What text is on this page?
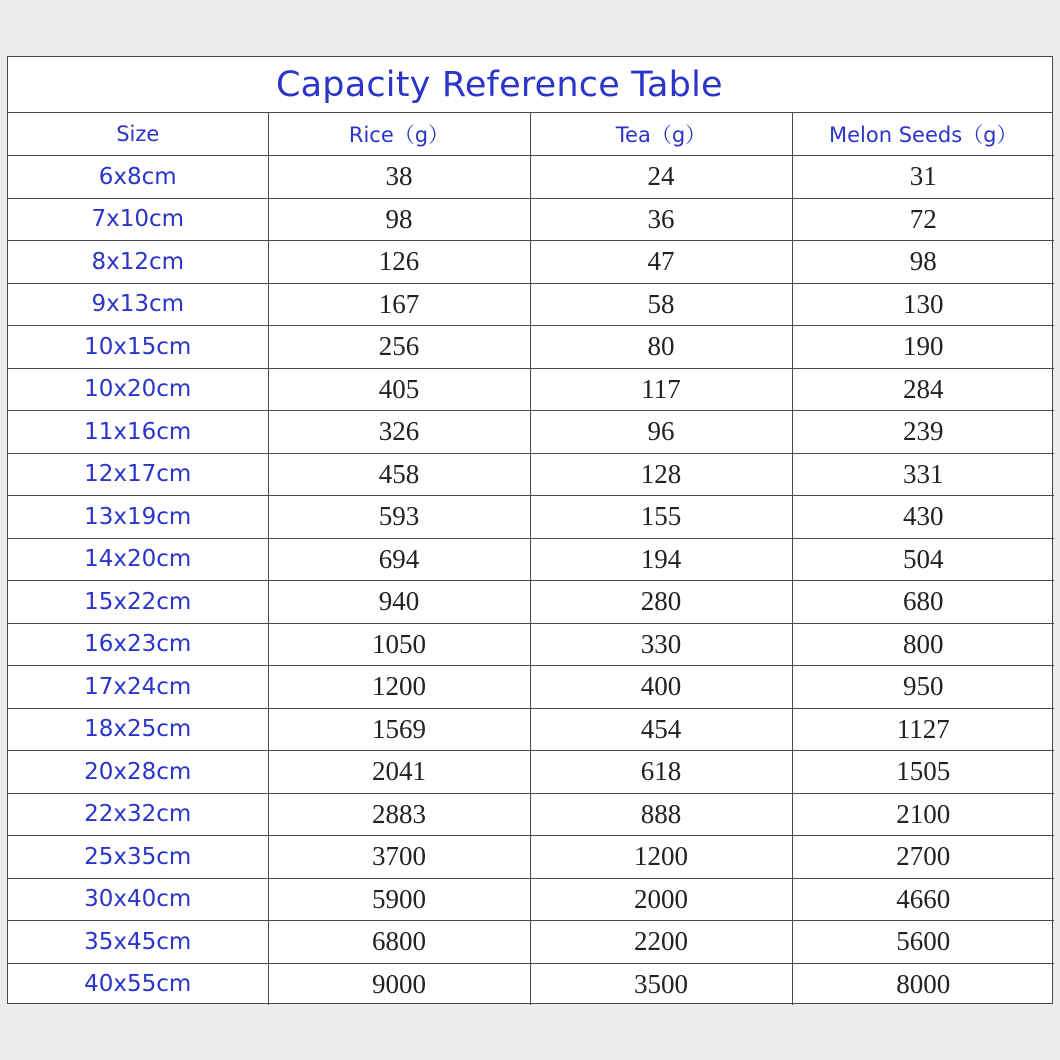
Capacity Reference Table
Size	Rice（g）	Tea（g）	Melon Seeds（g）
6x8cm	38	24	31
7x10cm	98	36	72
8x12cm	126	47	98
9x13cm	167	58	130
10x15cm	256	80	190
10x20cm	405	117	284
11x16cm	326	96	239
12x17cm	458	128	331
13x19cm	593	155	430
14x20cm	694	194	504
15x22cm	940	280	680
16x23cm	1050	330	800
17x24cm	1200	400	950
18x25cm	1569	454	1127
20x28cm	2041	618	1505
22x32cm	2883	888	2100
25x35cm	3700	1200	2700
30x40cm	5900	2000	4660
35x45cm	6800	2200	5600
40x55cm	9000	3500	8000
